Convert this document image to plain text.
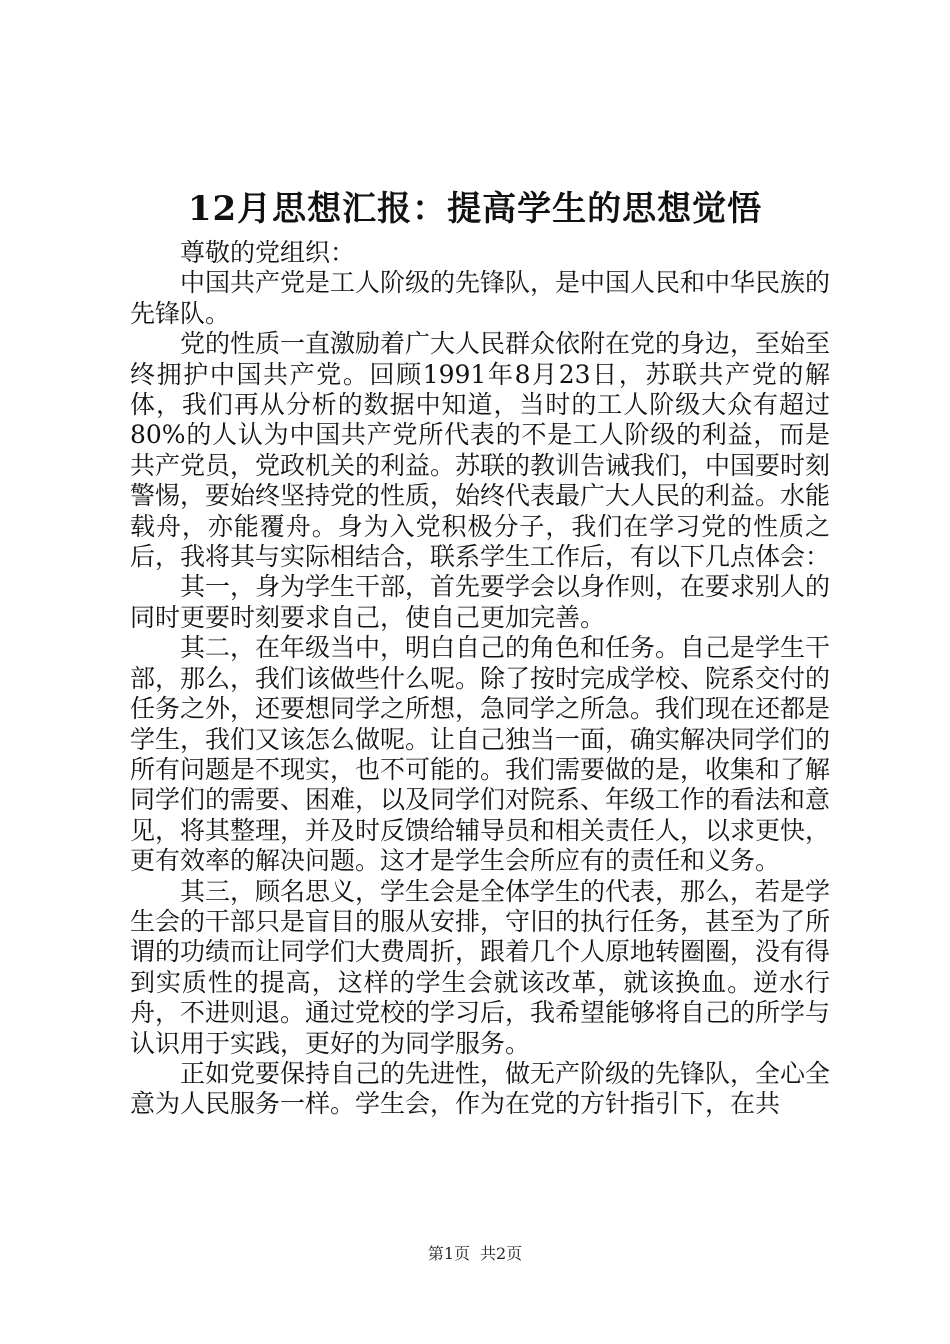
12月思想汇报：提高学生的思想觉悟

尊敬的党组织：

中国共产党是工人阶级的先锋队，是中国人民和中华民族的先锋队。

党的性质一直激励着广大人民群众依附在党的身边，至始至终拥护中国共产党。回顾1991年8月23日，苏联共产党的解体，我们再从分析的数据中知道，当时的工人阶级大众有超过80%的人认为中国共产党所代表的不是工人阶级的利益，而是共产党员，党政机关的利益。苏联的教训告诫我们，中国要时刻警惕，要始终坚持党的性质，始终代表最广大人民的利益。水能载舟，亦能覆舟。身为入党积极分子，我们在学习党的性质之后，我将其与实际相结合，联系学生工作后，有以下几点体会：

其一，身为学生干部，首先要学会以身作则，在要求别人的同时更要时刻要求自己，使自己更加完善。

其二，在年级当中，明白自己的角色和任务。自己是学生干部，那么，我们该做些什么呢。除了按时完成学校、院系交付的任务之外，还要想同学之所想，急同学之所急。我们现在还都是学生，我们又该怎么做呢。让自己独当一面，确实解决同学们的所有问题是不现实，也不可能的。我们需要做的是，收集和了解同学们的需要、困难，以及同学们对院系、年级工作的看法和意见，将其整理，并及时反馈给辅导员和相关责任人，以求更快，更有效率的解决问题。这才是学生会所应有的责任和义务。

其三，顾名思义，学生会是全体学生的代表，那么，若是学生会的干部只是盲目的服从安排，守旧的执行任务，甚至为了所谓的功绩而让同学们大费周折，跟着几个人原地转圈圈，没有得到实质性的提高，这样的学生会就该改革，就该换血。逆水行舟，不进则退。通过党校的学习后，我希望能够将自己的所学与认识用于实践，更好的为同学服务。

正如党要保持自己的先进性，做无产阶级的先锋队，全心全意为人民服务一样。学生会，作为在党的方针指引下，在共

第1页 共2页
